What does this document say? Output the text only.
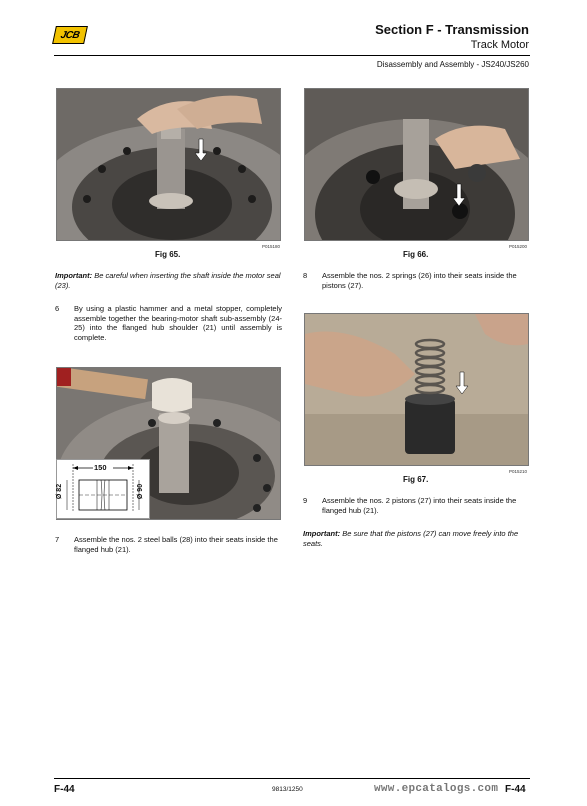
JCB	Section F - Transmission
Track Motor
Disassembly and Assembly - JS240/JS260
P015180
Fig 65.
Important: Be careful when inserting the shaft inside the motor seal (23).
6 By using a plastic hammer and a metal stopper, completely assemble together the bearing-motor shaft sub-assembly (24-25) into the flanged hub shoulder (21) until assembly is complete.
150
Ø 82	Ø 90
7 Assemble the nos. 2 steel balls (28) into their seats inside the flanged hub (21).
P015200
Fig 66.
8 Assemble the nos. 2 springs (26) into their seats inside the pistons (27).
P015210
Fig 67.
9 Assemble the nos. 2 pistons (27) into their seats inside the flanged hub (21).
Important: Be sure that the pistons (27) can move freely into the seats.
F-44	9813/1250	F-44
www.epcatalogs.com
